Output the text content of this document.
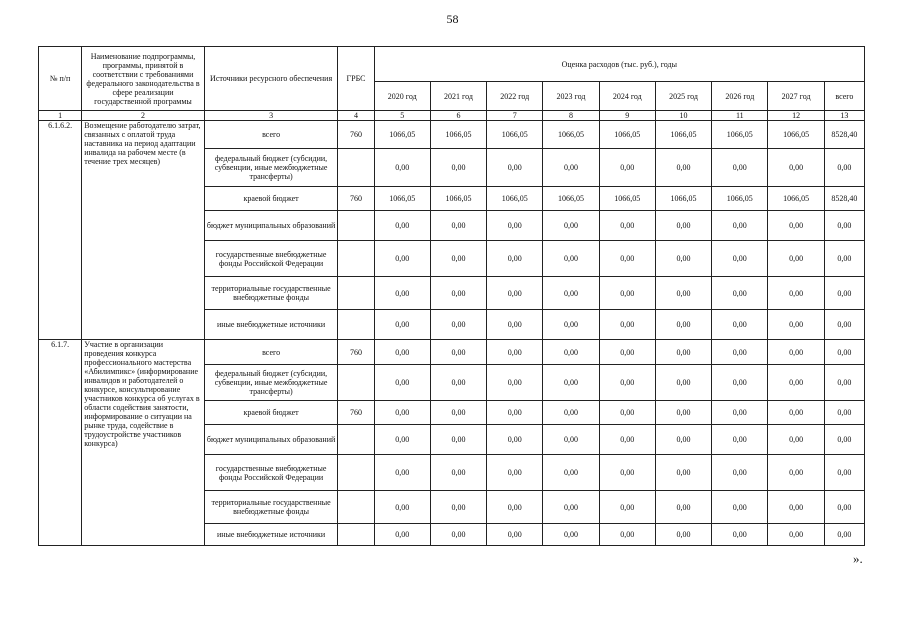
58
№ п/п	Наименование подпрограммы, программы, принятой в соответствии с требованиями федерального законодательства в сфере реализации государственной программы	Источники ресурсного обеспечения	ГРБС	Оценка расходов (тыс. руб.), годы								
				2020 год	2021 год	2022 год	2023 год	2024 год	2025 год	2026 год	2027 год	всего
1	2	3	4	5	6	7	8	9	10	11	12	13
6.1.6.2.	Возмещение работодателю затрат, связанных с оплатой труда наставника на период адаптации инвалида на рабочем месте (в течение трех месяцев)	всего	760	1066,05	1066,05	1066,05	1066,05	1066,05	1066,05	1066,05	1066,05	8528,40
		федеральный бюджет (субсидии, субвенции, иные межбюджетные трансферты)		0,00	0,00	0,00	0,00	0,00	0,00	0,00	0,00	0,00
		краевой бюджет	760	1066,05	1066,05	1066,05	1066,05	1066,05	1066,05	1066,05	1066,05	8528,40
		бюджет муниципальных образований		0,00	0,00	0,00	0,00	0,00	0,00	0,00	0,00	0,00
		государственные внебюджетные фонды Российской Федерации		0,00	0,00	0,00	0,00	0,00	0,00	0,00	0,00	0,00
		территориальные государственные внебюджетные фонды		0,00	0,00	0,00	0,00	0,00	0,00	0,00	0,00	0,00
		иные внебюджетные источники		0,00	0,00	0,00	0,00	0,00	0,00	0,00	0,00	0,00
6.1.7.	Участие в организации проведения конкурса профессионального мастерства «Абилимпикс» (информирование инвалидов и работодателей о конкурсе, консультирование участников конкурса об услугах в области содействия занятости, информирование о ситуации на рынке труда, содействие в трудоустройстве участников конкурса)	всего	760	0,00	0,00	0,00	0,00	0,00	0,00	0,00	0,00	0,00
		федеральный бюджет (субсидии, субвенции, иные межбюджетные трансферты)		0,00	0,00	0,00	0,00	0,00	0,00	0,00	0,00	0,00
		краевой бюджет	760	0,00	0,00	0,00	0,00	0,00	0,00	0,00	0,00	0,00
		бюджет муниципальных образований		0,00	0,00	0,00	0,00	0,00	0,00	0,00	0,00	0,00
		государственные внебюджетные фонды Российской Федерации		0,00	0,00	0,00	0,00	0,00	0,00	0,00	0,00	0,00
		территориальные государственные внебюджетные фонды		0,00	0,00	0,00	0,00	0,00	0,00	0,00	0,00	0,00
		иные внебюджетные источники		0,00	0,00	0,00	0,00	0,00	0,00	0,00	0,00	0,00
».
